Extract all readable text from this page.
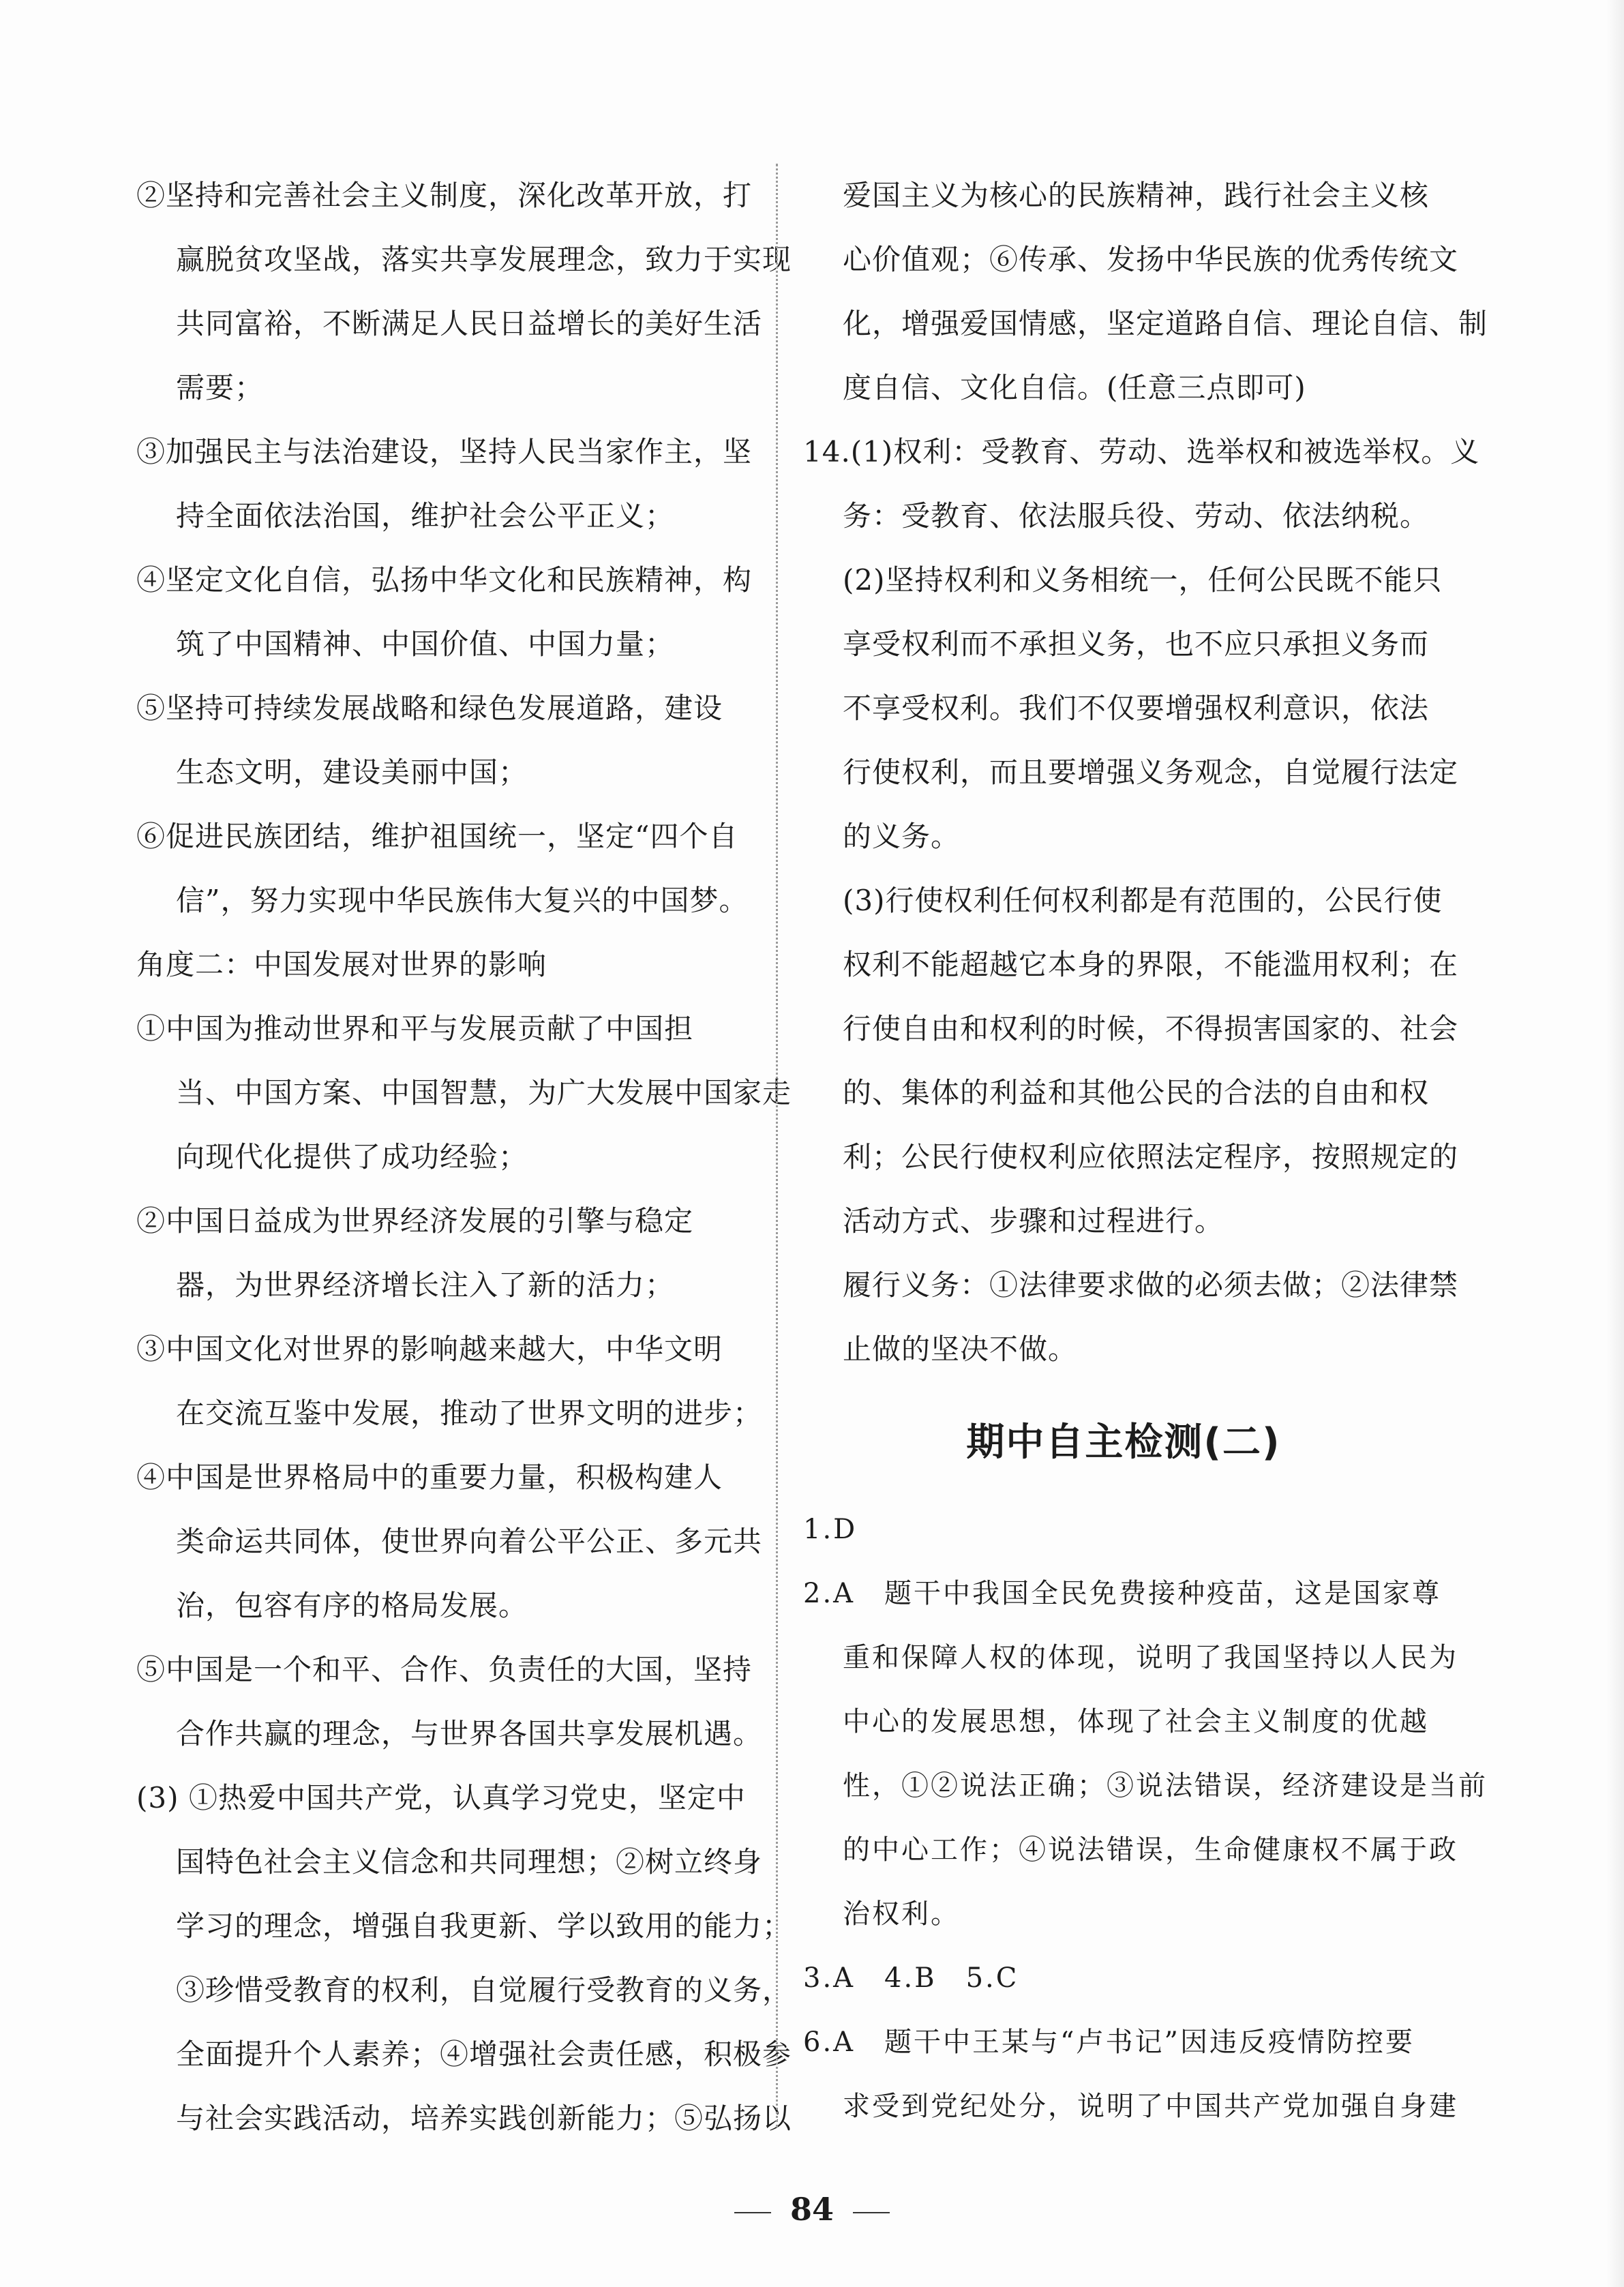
②坚持和完善社会主义制度，深化改革开放，打
赢脱贫攻坚战，落实共享发展理念，致力于实现
共同富裕，不断满足人民日益增长的美好生活
需要；
③加强民主与法治建设，坚持人民当家作主，坚
持全面依法治国，维护社会公平正义；
④坚定文化自信，弘扬中华文化和民族精神，构
筑了中国精神、中国价值、中国力量；
⑤坚持可持续发展战略和绿色发展道路，建设
生态文明，建设美丽中国；
⑥促进民族团结，维护祖国统一，坚定“四个自
信”，努力实现中华民族伟大复兴的中国梦。
角度二：中国发展对世界的影响
①中国为推动世界和平与发展贡献了中国担
当、中国方案、中国智慧，为广大发展中国家走
向现代化提供了成功经验；
②中国日益成为世界经济发展的引擎与稳定
器，为世界经济增长注入了新的活力；
③中国文化对世界的影响越来越大，中华文明
在交流互鉴中发展，推动了世界文明的进步；
④中国是世界格局中的重要力量，积极构建人
类命运共同体，使世界向着公平公正、多元共
治，包容有序的格局发展。
⑤中国是一个和平、合作、负责任的大国，坚持
合作共赢的理念，与世界各国共享发展机遇。
(3) ①热爱中国共产党，认真学习党史，坚定中
国特色社会主义信念和共同理想；②树立终身
学习的理念，增强自我更新、学以致用的能力；
③珍惜受教育的权利，自觉履行受教育的义务，
全面提升个人素养；④增强社会责任感，积极参
与社会实践活动，培养实践创新能力；⑤弘扬以
爱国主义为核心的民族精神，践行社会主义核
心价值观；⑥传承、发扬中华民族的优秀传统文
化，增强爱国情感，坚定道路自信、理论自信、制
度自信、文化自信。(任意三点即可)
14.(1)权利：受教育、劳动、选举权和被选举权。义
务：受教育、依法服兵役、劳动、依法纳税。
(2)坚持权利和义务相统一，任何公民既不能只
享受权利而不承担义务，也不应只承担义务而
不享受权利。我们不仅要增强权利意识，依法
行使权利，而且要增强义务观念，自觉履行法定
的义务。
(3)行使权利任何权利都是有范围的，公民行使
权利不能超越它本身的界限，不能滥用权利；在
行使自由和权利的时候，不得损害国家的、社会
的、集体的利益和其他公民的合法的自由和权
利；公民行使权利应依照法定程序，按照规定的
活动方式、步骤和过程进行。
履行义务：①法律要求做的必须去做；②法律禁
止做的坚决不做。
期中自主检测(二)
1.D
2.A　题干中我国全民免费接种疫苗，这是国家尊
重和保障人权的体现，说明了我国坚持以人民为
中心的发展思想，体现了社会主义制度的优越
性，①②说法正确；③说法错误，经济建设是当前
的中心工作；④说法错误，生命健康权不属于政
治权利。
3.A　4.B　5.C
6.A　题干中王某与“卢书记”因违反疫情防控要
求受到党纪处分，说明了中国共产党加强自身建
84
